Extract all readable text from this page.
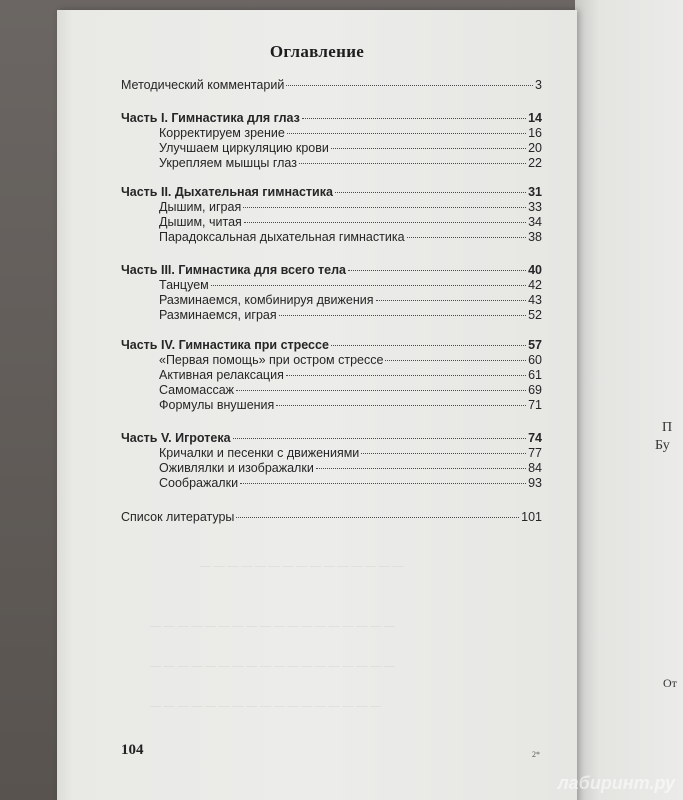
— — — — — — — — — — — — — — —
— — — — — — — — — — — — — — — — — —
— — — — — — — — — — — — — — — — — —
— — — — — — — — — — — — — — — — —
Оглавление
Методический комментарий	3
Часть I. Гимнастика для глаз	14
Корректируем зрение	16
Улучшаем циркуляцию крови	20
Укрепляем мышцы глаз	22
Часть II. Дыхательная гимнастика	31
Дышим, играя	33
Дышим, читая	34
Парадоксальная дыхательная гимнастика	38
Часть III. Гимнастика для всего тела	40
Танцуем	42
Разминаемся, комбинируя движения	43
Разминаемся, играя	52
Часть IV. Гимнастика при стрессе	57
«Первая помощь» при остром стрессе	60
Активная релаксация	61
Самомассаж	69
Формулы внушения	71
Часть V. Игротека	74
Кричалки и песенки с движениями	77
Оживлялки и изображалки	84
Соображалки	93
Список литературы	101
104	2*
П
Бу
От
лабиринт.ру
